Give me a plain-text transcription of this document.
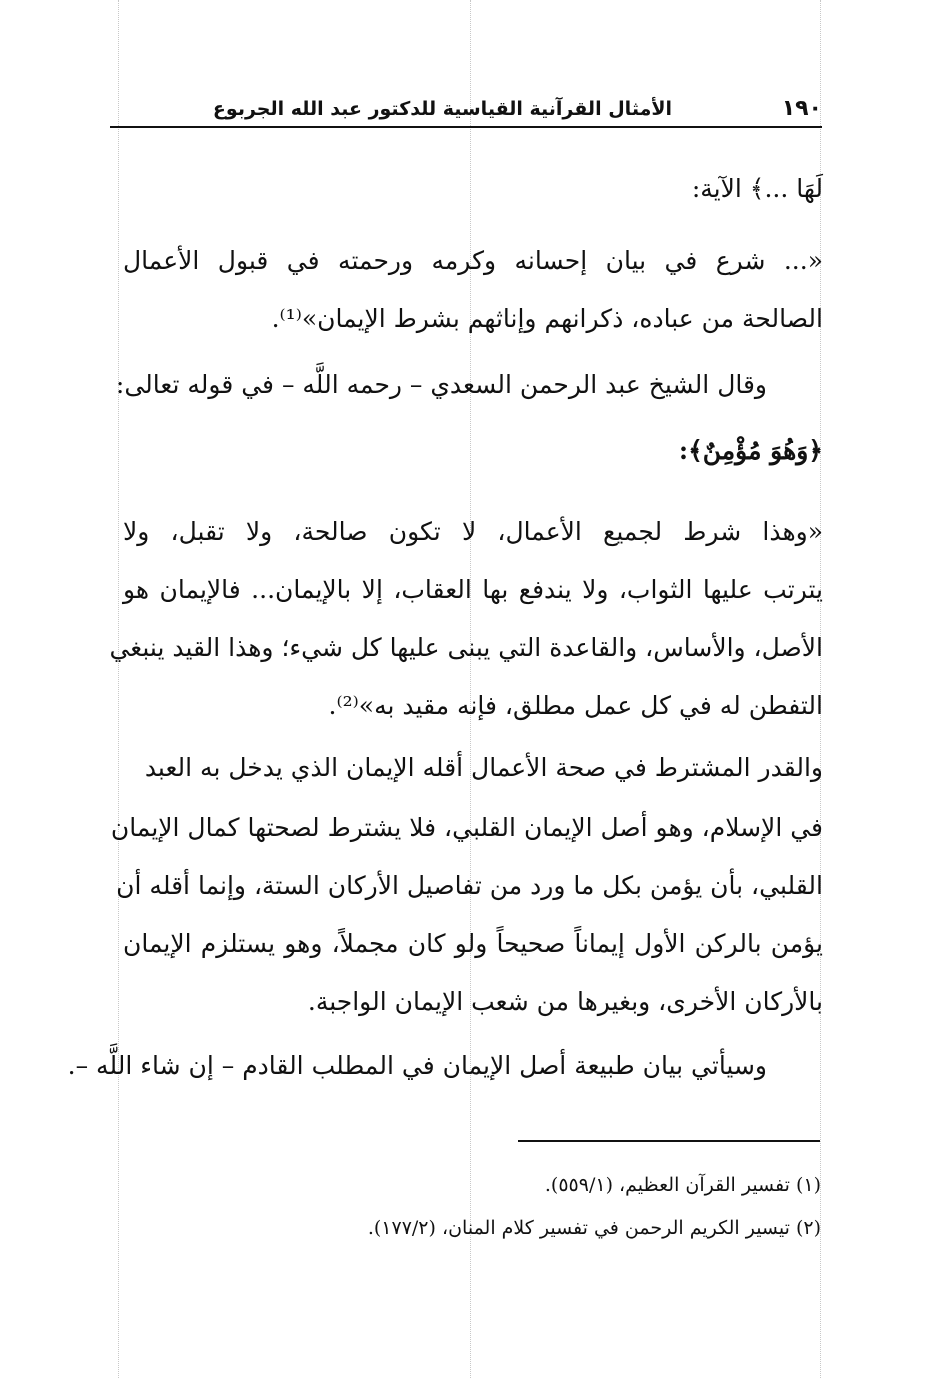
١٩٠
الأمثال القرآنية القياسية للدكتور عبد الله الجربوع
لَهَا ...﴾ الآية:
«... شرع في بيان إحسانه وكرمه ورحمته في قبول الأعمال
الصالحة من عباده، ذكرانهم وإناثهم بشرط الإيمان»⁽¹⁾.
وقال الشيخ عبد الرحمن السعدي – رحمه اللَّه – في قوله تعالى:
﴿وَهُوَ مُؤْمِنٌ﴾:
«وهذا شرط لجميع الأعمال، لا تكون صالحة، ولا تقبل، ولا
يترتب عليها الثواب، ولا يندفع بها العقاب، إلا بالإيمان... فالإيمان هو
الأصل، والأساس، والقاعدة التي يبنى عليها كل شيء؛ وهذا القيد ينبغي
التفطن له في كل عمل مطلق، فإنه مقيد به»⁽²⁾.
والقدر المشترط في صحة الأعمال أقله الإيمان الذي يدخل به العبد
في الإسلام، وهو أصل الإيمان القلبي، فلا يشترط لصحتها كمال الإيمان
القلبي، بأن يؤمن بكل ما ورد من تفاصيل الأركان الستة، وإنما أقله أن
يؤمن بالركن الأول إيماناً صحيحاً ولو كان مجملاً، وهو يستلزم الإيمان
بالأركان الأخرى، وبغيرها من شعب الإيمان الواجبة.
وسيأتي بيان طبيعة أصل الإيمان في المطلب القادم – إن شاء اللَّه –.
(١) تفسير القرآن العظيم، (٥٥٩/١).
(٢) تيسير الكريم الرحمن في تفسير كلام المنان، (١٧٧/٢).
